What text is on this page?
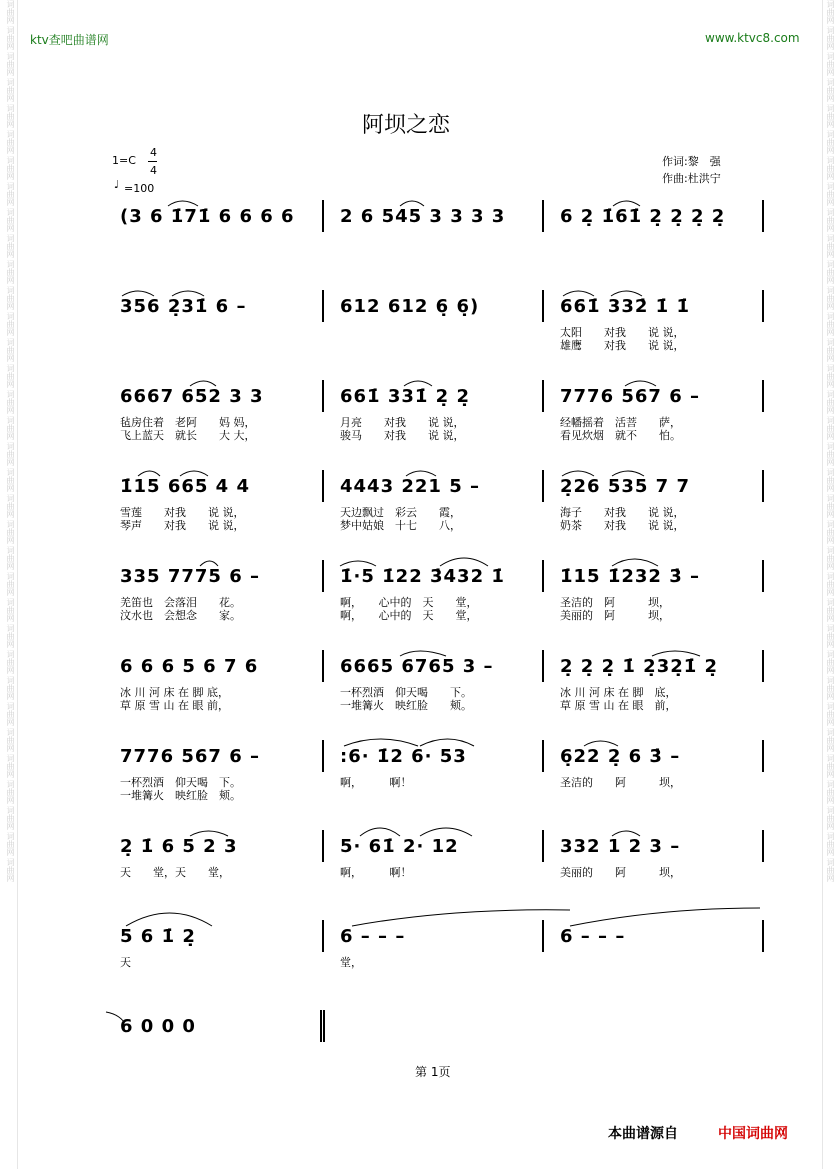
词曲网
词曲网
词曲网
词曲网
词曲网
词曲网
词曲网
词曲网
词曲网
词曲网
词曲网
词曲网
词曲网
词曲网
词曲网
词曲网
词曲网
词曲网
词曲网
词曲网
词曲网
词曲网
词曲网
词曲网
词曲网
词曲网
词曲网
词曲网
词曲网
词曲网
词曲网
词曲网
词曲网
词曲网
词曲网
词曲网
词曲网
词曲网
词曲网
词曲网
词曲网
词曲网
词曲网
词曲网
词曲网
词曲网
词曲网
词曲网
词曲网
词曲网
词曲网
词曲网
词曲网
词曲网
词曲网
词曲网
词曲网
词曲网
词曲网
词曲网
词曲网
词曲网
词曲网
词曲网
词曲网
词曲网
词曲网
词曲网
ktv查吧曲谱网	www.ktvc8.com
阿坝之恋
1=C
4
4
♩ =100
作词:黎　强
作曲:杜洪宁
(3 6 1̇71̇ 6 6 6 6	2 6 545 3 3 3 3	6 2̣ 1̇61̇ 2̣ 2̣ 2̣ 2̣
356 2̣31̇ 6 –	612 612 6̣ 6̣)	661̇ 332̇ 1̇ 1̇
太阳　　对我　　说 说，
雄鹰　　对我　　说 说，
6667 652 3 3
毡房住着　老阿　　妈 妈，
飞上蓝天　就长　　大 大，
661̇ 331̇ 2̣ 2̣
月亮　　对我　　说 说，
骏马　　对我　　说 说，
7776 567 6 –
经幡摇着　活菩　　萨，
看见炊烟　就不　　怕。
1̇15 665 4 4
雪莲　　对我　　说 说，
琴声　　对我　　说 说，
4443 221 5 –
天边飘过　彩云　　霞，
梦中姑娘　十七　　八，
2̣26 535 7 7
海子　　对我　　说 说，
奶茶　　对我　　说 说，
335 7775 6 –
羌笛也　会落泪　　花。
汶水也　会想念　　家。
1̇·5 1̇22 3̇432 1̇
啊，　　心中的　天　　堂，
啊，　　心中的　天　　堂，
1̇15 1̇232 3̇ –
圣洁的　阿　　　坝，
美丽的　阿　　　坝，
6 6 6 5 6 7 6
冰 川 河 床 在 脚 底，
草 原 雪 山 在 眼 前，
6665 6765 3 –
一杯烈酒　仰天喝　　下。
一堆篝火　映红脸　　颊。
2̣ 2̣ 2̣ 1̇ 2̣32̣1̇ 2̣
冰 川 河 床 在 脚　底，
草 原 雪 山 在 眼　前，
7776 567 6 –
一杯烈酒　仰天喝　下。
一堆篝火　映红脸　颊。
:6· 1̇2 6· 53
啊，　　　啊！
6̣22 2̣ 6 3̇ –
圣洁的　　阿　　　坝，
2̣ 1̇ 6 5 2 3
天　　堂，天　　堂，
5· 61̇ 2· 12
啊，　　　啊！
332 1 2 3 –
美丽的　　阿　　　坝，
5 6 1̇ 2̣
天
6 – – –
堂，
6 – – –
6 0 0 0
第 1页
本曲谱源自	中国词曲网
